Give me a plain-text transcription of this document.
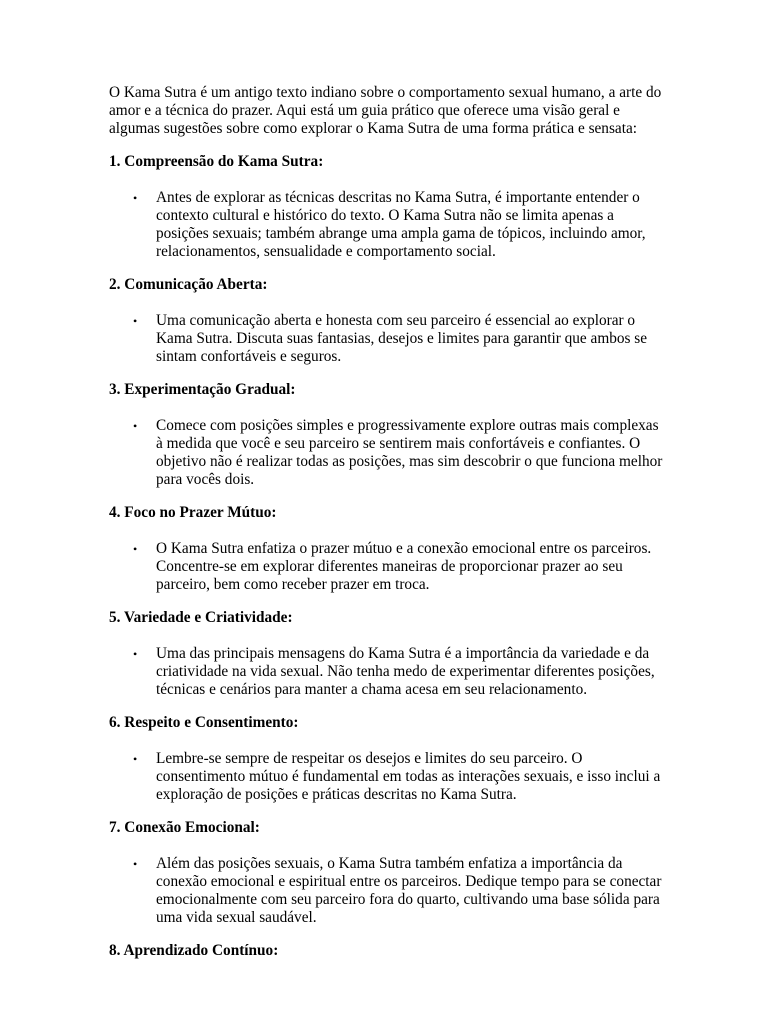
O Kama Sutra é um antigo texto indiano sobre o comportamento sexual humano, a arte do amor e a técnica do prazer. Aqui está um guia prático que oferece uma visão geral e algumas sugestões sobre como explorar o Kama Sutra de uma forma prática e sensata:

1. Compreensão do Kama Sutra:
• Antes de explorar as técnicas descritas no Kama Sutra, é importante entender o contexto cultural e histórico do texto. O Kama Sutra não se limita apenas a posições sexuais; também abrange uma ampla gama de tópicos, incluindo amor, relacionamentos, sensualidade e comportamento social.
2. Comunicação Aberta:
• Uma comunicação aberta e honesta com seu parceiro é essencial ao explorar o Kama Sutra. Discuta suas fantasias, desejos e limites para garantir que ambos se sintam confortáveis e seguros.
3. Experimentação Gradual:
• Comece com posições simples e progressivamente explore outras mais complexas à medida que você e seu parceiro se sentirem mais confortáveis e confiantes. O objetivo não é realizar todas as posições, mas sim descobrir o que funciona melhor para vocês dois.
4. Foco no Prazer Mútuo:
• O Kama Sutra enfatiza o prazer mútuo e a conexão emocional entre os parceiros. Concentre-se em explorar diferentes maneiras de proporcionar prazer ao seu parceiro, bem como receber prazer em troca.
5. Variedade e Criatividade:
• Uma das principais mensagens do Kama Sutra é a importância da variedade e da criatividade na vida sexual. Não tenha medo de experimentar diferentes posições, técnicas e cenários para manter a chama acesa em seu relacionamento.
6. Respeito e Consentimento:
• Lembre-se sempre de respeitar os desejos e limites do seu parceiro. O consentimento mútuo é fundamental em todas as interações sexuais, e isso inclui a exploração de posições e práticas descritas no Kama Sutra.
7. Conexão Emocional:
• Além das posições sexuais, o Kama Sutra também enfatiza a importância da conexão emocional e espiritual entre os parceiros. Dedique tempo para se conectar emocionalmente com seu parceiro fora do quarto, cultivando uma base sólida para uma vida sexual saudável.
8. Aprendizado Contínuo:
